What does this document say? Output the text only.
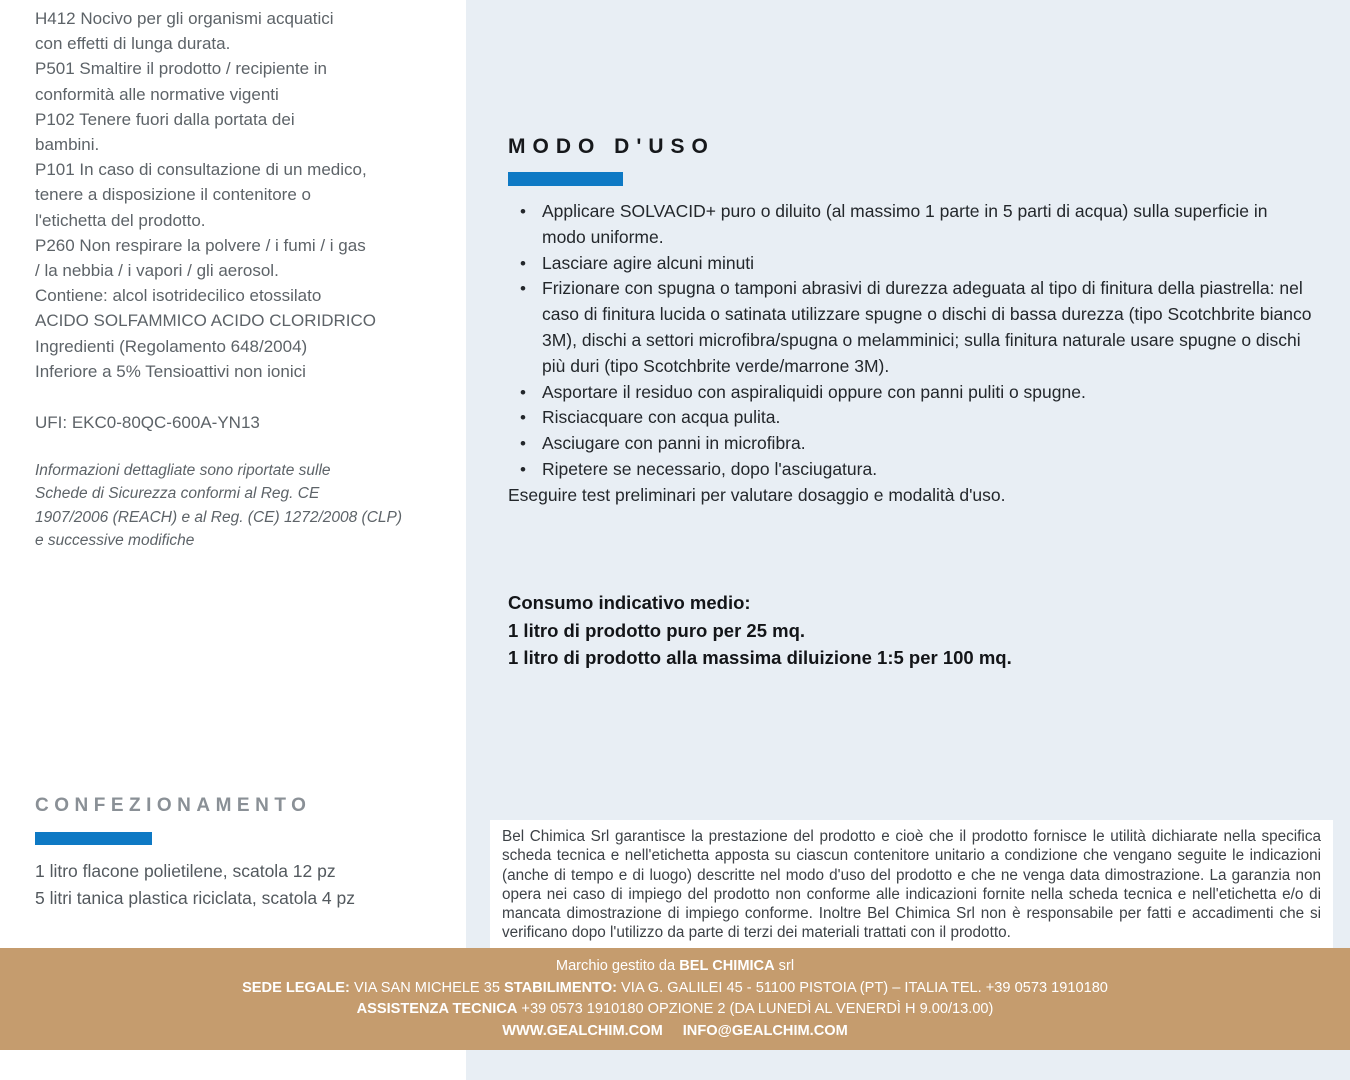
H412 Nocivo per gli organismi acquatici
con effetti di lunga durata.
P501 Smaltire il prodotto / recipiente in
conformità alle normative vigenti
P102 Tenere fuori dalla portata dei
bambini.
P101 In caso di consultazione di un medico,
tenere a disposizione il contenitore o
l'etichetta del prodotto.
P260 Non respirare la polvere / i fumi / i gas
/ la nebbia / i vapori / gli aerosol.
Contiene: alcol isotridecilico etossilato
ACIDO SOLFAMMICO ACIDO CLORIDRICO
Ingredienti (Regolamento 648/2004)
Inferiore a 5% Tensioattivi non ionici
UFI: EKC0-80QC-600A-YN13
Informazioni dettagliate sono riportate sulle
Schede di Sicurezza conformi al Reg. CE
1907/2006 (REACH) e al Reg. (CE) 1272/2008 (CLP)
e successive modifiche
CONFEZIONAMENTO
1 litro flacone polietilene, scatola 12 pz
5 litri tanica plastica riciclata, scatola 4 pz
MODO D'USO
• Applicare SOLVACID+ puro o diluito (al massimo 1 parte in 5 parti di acqua) sulla superficie in modo uniforme.
• Lasciare agire alcuni minuti
• Frizionare con spugna o tamponi abrasivi di durezza adeguata al tipo di finitura della piastrella: nel caso di finitura lucida o satinata utilizzare spugne o dischi di bassa durezza (tipo Scotchbrite bianco 3M), dischi a settori microfibra/spugna o melamminici; sulla finitura naturale usare spugne o dischi più duri (tipo Scotchbrite verde/marrone 3M).
• Asportare il residuo con aspiraliquidi oppure con panni puliti o spugne.
• Risciacquare con acqua pulita.
• Asciugare con panni in microfibra.
• Ripetere se necessario, dopo l'asciugatura.
Eseguire test preliminari per valutare dosaggio e modalità d'uso.
Consumo indicativo medio:
1 litro di prodotto puro per 25 mq.
1 litro di prodotto alla massima diluizione 1:5 per 100 mq.
Bel Chimica Srl garantisce la prestazione del prodotto e cioè che il prodotto fornisce le utilità dichiarate nella specifica scheda tecnica e nell'etichetta apposta su ciascun contenitore unitario a condizione che vengano seguite le indicazioni (anche di tempo e di luogo) descritte nel modo d'uso del prodotto e che ne venga data dimostrazione. La garanzia non opera nei caso di impiego del prodotto non conforme alle indicazioni fornite nella scheda tecnica e nell'etichetta e/o di mancata dimostrazione di impiego conforme. Inoltre Bel Chimica Srl non è responsabile per fatti e accadimenti che si verificano dopo l'utilizzo da parte di terzi dei materiali trattati con il prodotto.
Marchio gestito da BEL CHIMICA srl
SEDE LEGALE: VIA SAN MICHELE 35 STABILIMENTO: VIA G. GALILEI 45 - 51100 PISTOIA (PT) – ITALIA TEL. +39 0573 1910180
ASSISTENZA TECNICA +39 0573 1910180 OPZIONE 2 (DA LUNEDÌ AL VENERDÌ H 9.00/13.00)
WWW.GEALCHIM.COM INFO@GEALCHIM.COM
